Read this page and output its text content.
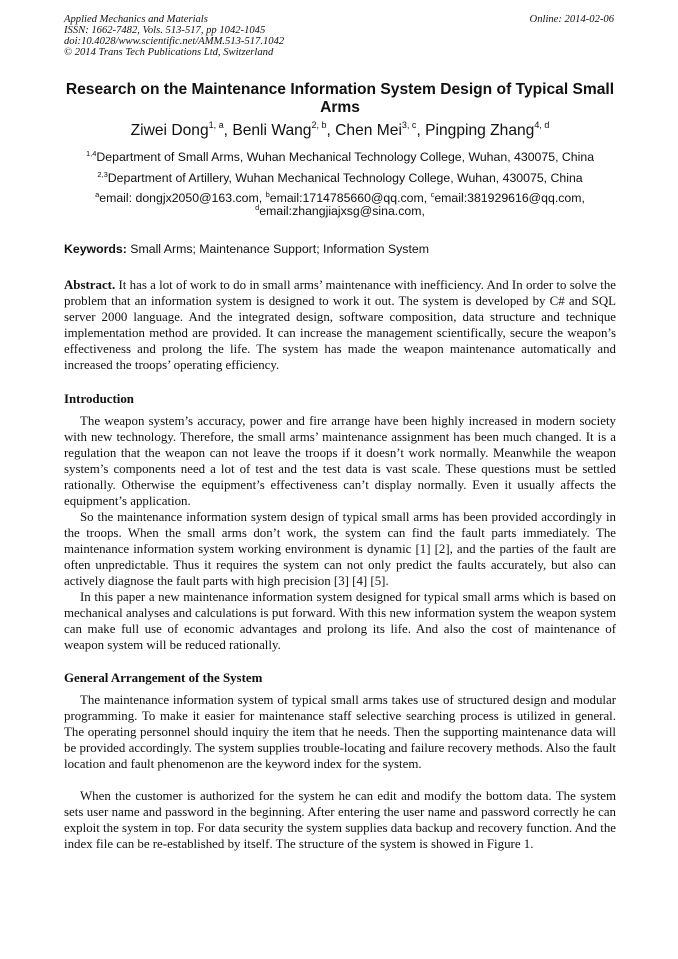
Applied Mechanics and Materials
ISSN: 1662-7482, Vols. 513-517, pp 1042-1045
doi:10.4028/www.scientific.net/AMM.513-517.1042
© 2014 Trans Tech Publications Ltd, Switzerland
Online: 2014-02-06
Research on the Maintenance Information System Design of Typical Small Arms
Ziwei Dong$^{1, a}$, Benli Wang$^{2, b}$, Chen Mei$^{3, c}$, Pingping Zhang$^{4, d}$
$^{1,4}$Department of Small Arms, Wuhan Mechanical Technology College, Wuhan, 430075, China
$^{2,3}$Department of Artillery, Wuhan Mechanical Technology College, Wuhan, 430075, China
$^a$email: dongjx2050@163.com, $^b$email:1714785660@qq.com, $^c$email:381929616@qq.com,
$^d$email:zhangjiajxsg@sina.com,
Keywords: Small Arms; Maintenance Support; Information System
Abstract. It has a lot of work to do in small arms’ maintenance with inefficiency. And In order to solve the problem that an information system is designed to work it out. The system is developed by C# and SQL server 2000 language. And the integrated design, software composition, data structure and technique implementation method are provided. It can increase the management scientifically, secure the weapon’s effectiveness and prolong the life. The system has made the weapon maintenance automatically and increased the troops’ operating efficiency.
Introduction
The weapon system’s accuracy, power and fire arrange have been highly increased in modern society with new technology. Therefore, the small arms’ maintenance assignment has been much changed. It is a regulation that the weapon can not leave the troops if it doesn’t work normally. Meanwhile the weapon system’s components need a lot of test and the test data is vast scale. These questions must be settled rationally. Otherwise the equipment’s effectiveness can’t display normally. Even it usually affects the equipment’s application.
So the maintenance information system design of typical small arms has been provided accordingly in the troops. When the small arms don’t work, the system can find the fault parts immediately. The maintenance information system working environment is dynamic [1] [2], and the parties of the fault are often unpredictable. Thus it requires the system can not only predict the faults accurately, but also can actively diagnose the fault parts with high precision [3] [4] [5].
In this paper a new maintenance information system designed for typical small arms which is based on mechanical analyses and calculations is put forward. With this new information system the weapon system can make full use of economic advantages and prolong its life. And also the cost of maintenance of weapon system will be reduced rationally.
General Arrangement of the System
The maintenance information system of typical small arms takes use of structured design and modular programming. To make it easier for maintenance staff selective searching process is utilized in general. The operating personnel should inquiry the item that he needs. Then the supporting maintenance data will be provided accordingly. The system supplies trouble-locating and failure recovery methods. Also the fault location and fault phenomenon are the keyword index for the system.
When the customer is authorized for the system he can edit and modify the bottom data. The system sets user name and password in the beginning. After entering the user name and password correctly he can exploit the system in top. For data security the system supplies data backup and recovery function. And the index file can be re-established by itself. The structure of the system is showed in Figure 1.
